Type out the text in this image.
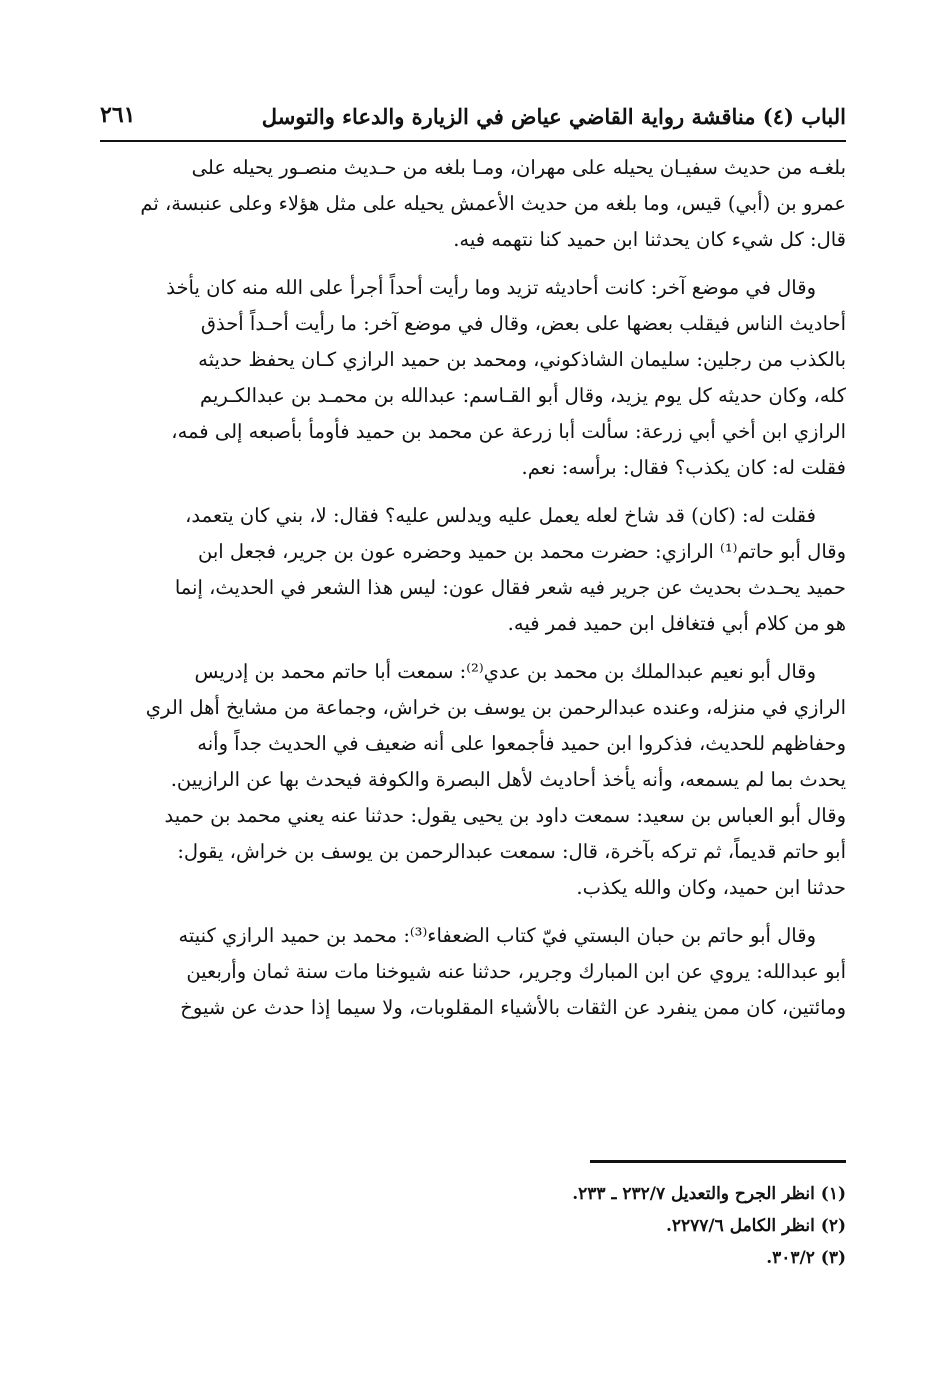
الباب (٤) مناقشة رواية القاضي عياض في الزيارة والدعاء والتوسل
٢٦١

بلغـه من حديث سفيـان يحيله على مهران، ومـا بلغه من حـديث منصـور يحيله على
عمرو بن (أبي) قيس، وما بلغه من حديث الأعمش يحيله على مثل هؤلاء وعلى عنبسة، ثم
قال: كل شيء كان يحدثنا ابن حميد كنا نتهمه فيه.

وقال في موضع آخر: كانت أحاديثه تزيد وما رأيت أحداً أجرأ على الله منه كان يأخذ
أحاديث الناس فيقلب بعضها على بعض، وقال في موضع آخر: ما رأيت أحـداً أحذق
بالكذب من رجلين: سليمان الشاذكوني، ومحمد بن حميد الرازي كـان يحفظ حديثه
كله، وكان حديثه كل يوم يزيد، وقال أبو القـاسم: عبدالله بن محمـد بن عبدالكـريم
الرازي ابن أخي أبي زرعة: سألت أبا زرعة عن محمد بن حميد فأومأ بأصبعه إلى فمه،
فقلت له: كان يكذب؟ فقال: برأسه: نعم.

فقلت له: (كان) قد شاخ لعله يعمل عليه ويدلس عليه؟ فقال: لا، بني كان يتعمد،
وقال أبو حاتم⁽¹⁾ الرازي: حضرت محمد بن حميد وحضره عون بن جرير، فجعل ابن
حميد يحـدث بحديث عن جرير فيه شعر فقال عون: ليس هذا الشعر في الحديث، إنما
هو من كلام أبي فتغافل ابن حميد فمر فيه.

وقال أبو نعيم عبدالملك بن محمد بن عدي⁽²⁾: سمعت أبا حاتم محمد بن إدريس
الرازي في منزله، وعنده عبدالرحمن بن يوسف بن خراش، وجماعة من مشايخ أهل الري
وحفاظهم للحديث، فذكروا ابن حميد فأجمعوا على أنه ضعيف في الحديث جداً وأنه
يحدث بما لم يسمعه، وأنه يأخذ أحاديث لأهل البصرة والكوفة فيحدث بها عن الرازيين.
وقال أبو العباس بن سعيد: سمعت داود بن يحيى يقول: حدثنا عنه يعني محمد بن حميد
أبو حاتم قديماً، ثم تركه بآخرة، قال: سمعت عبدالرحمن بن يوسف بن خراش، يقول:
حدثنا ابن حميد، وكان والله يكذب.

وقال أبو حاتم بن حبان البستي فيّ كتاب الضعفاء⁽³⁾: محمد بن حميد الرازي كنيته
أبو عبدالله: يروي عن ابن المبارك وجرير، حدثنا عنه شيوخنا مات سنة ثمان وأربعين
ومائتين، كان ممن ينفرد عن الثقات بالأشياء المقلوبات، ولا سيما إذا حدث عن شيوخ

(١) انظر الجرح والتعديل ٢٣٢/٧ ـ ٢٣٣.

(٢) انظر الكامل ٢٢٧٧/٦.

(٣) ٣٠٣/٢.
